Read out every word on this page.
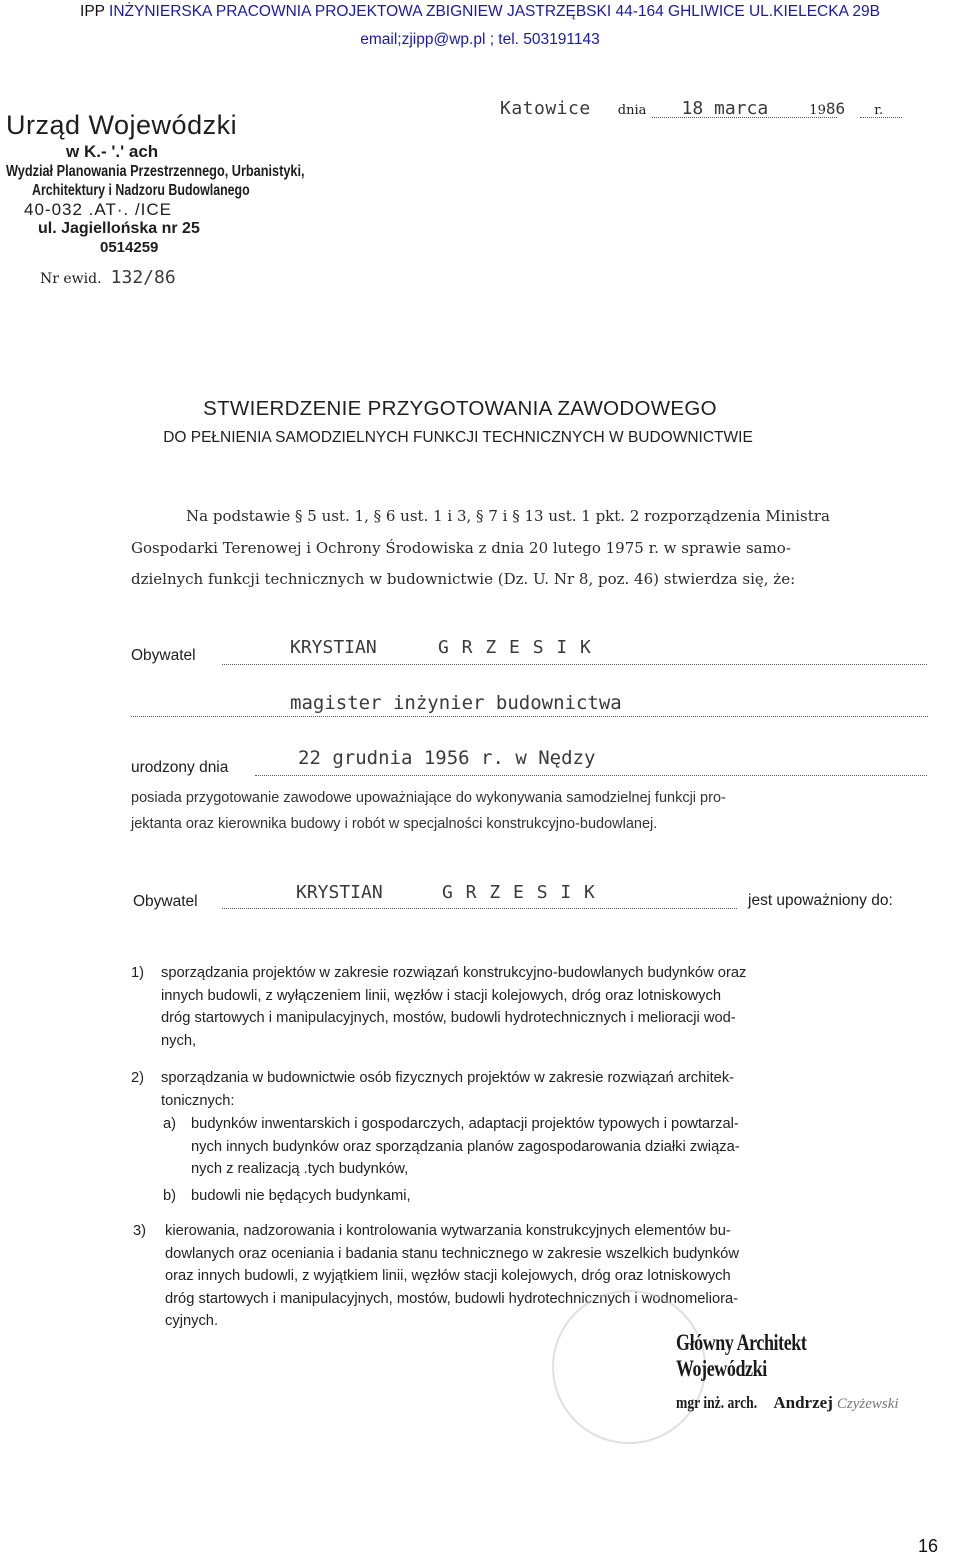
IPP INŻYNIERSKA PRACOWNIA PROJEKTOWA ZBIGNIEW JASTRZĘBSKI 44-164 GHLIWICE UL.KIELECKA 29B
email;zjipp@wp.pl ; tel. 503191143
Urząd Wojewódzki
w K.- '.' ach
Wydział Planowania Przestrzennego, Urbanistyki,
Architektury i Nadzoru Budowlanego
40-032 .AT·. /ICE
ul. Jagiellońska nr 25
0514259
Katowice dnia 18 marca	1986 r.
Nr ewid. 132/86
STWIERDZENIE PRZYGOTOWANIA ZAWODOWEGO
DO PEŁNIENIA SAMODZIELNYCH FUNKCJI TECHNICZNYCH W BUDOWNICTWIE
Na podstawie § 5 ust. 1, § 6 ust. 1 i 3, § 7 i § 13 ust. 1 pkt. 2 rozporządzenia Ministra
Gospodarki Terenowej i Ochrony Środowiska z dnia 20 lutego 1975 r. w sprawie samo-
dzielnych funkcji technicznych w budownictwie (Dz. U. Nr 8, poz. 46) stwierdza się, że:
Obywatel	KRYSTIAN	G R Z E S I K
magister inżynier budownictwa
urodzony dnia	22 grudnia 1956 r. w Nędzy
posiada przygotowanie zawodowe upoważniające do wykonywania samodzielnej funkcji pro-
jektanta oraz kierownika budowy i robót w specjalności konstrukcyjno-budowlanej.
Obywatel	KRYSTIAN	G R Z E S I K	jest upoważniony do:
1) sporządzania projektów w zakresie rozwiązań konstrukcyjno-budowlanych budynków oraz
innych budowli, z wyłączeniem linii, węzłów i stacji kolejowych, dróg oraz lotniskowych
dróg startowych i manipulacyjnych, mostów, budowli hydrotechnicznych i melioracji wod-
nych,
2) sporządzania w budownictwie osób fizycznych projektów w zakresie rozwiązań architek-
tonicznych:
a) budynków inwentarskich i gospodarczych, adaptacji projektów typowych i powtarzal-
nych innych budynków oraz sporządzania planów zagospodarowania działki związa-
nych z realizacją .tych budynków,
b) budowli nie będących budynkami,
3) kierowania, nadzorowania i kontrolowania wytwarzania konstrukcyjnych elementów bu-
dowlanych oraz oceniania i badania stanu technicznego w zakresie wszelkich budynków
oraz innych budowli, z wyjątkiem linii, węzłów stacji kolejowych, dróg oraz lotniskowych
dróg startowych i manipulacyjnych, mostów, budowli hydrotechnicznych i wodnomeliora-
cyjnych.
Główny Architekt Wojewódzki
mgr inż. arch. Andrzej Czyżewski
16
